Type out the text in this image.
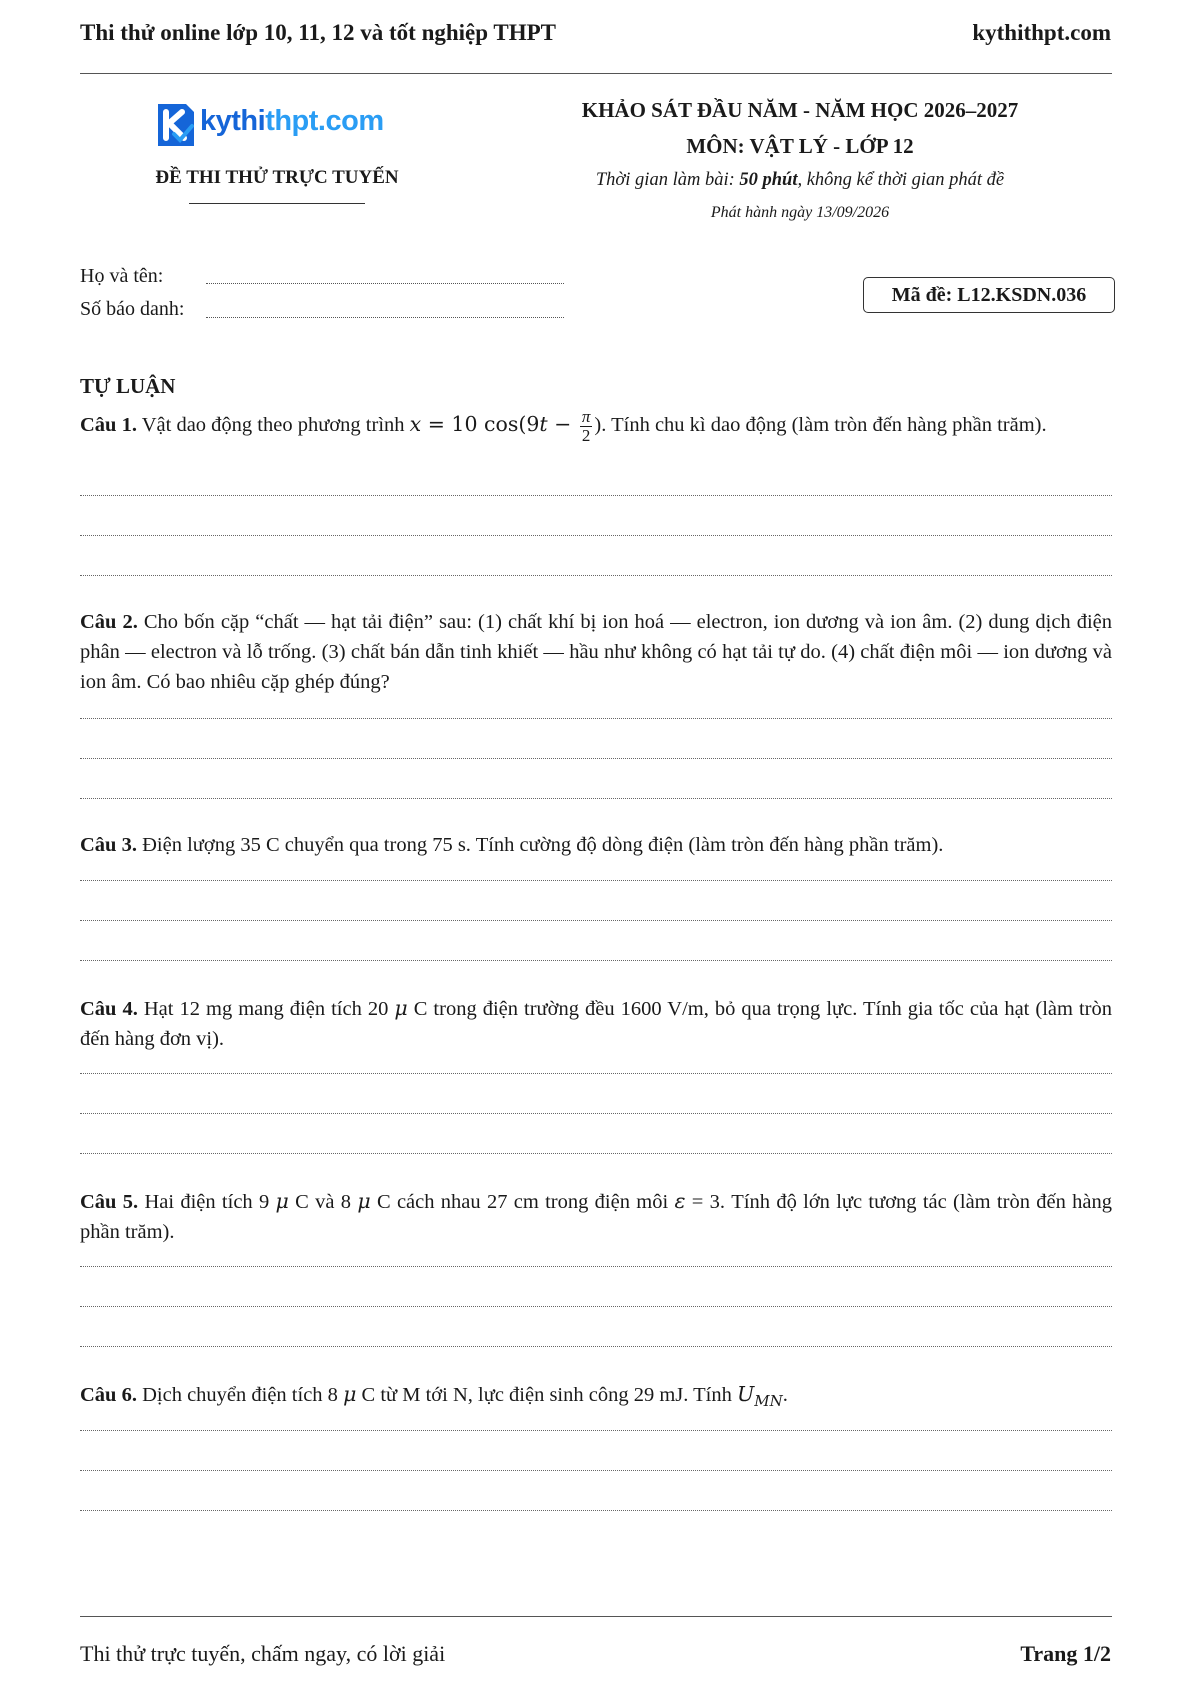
Thi thử online lớp 10, 11, 12 và tốt nghiệp THPT	kythithpt.com
kythithpt.com
ĐỀ THI THỬ TRỰC TUYẾN
KHẢO SÁT ĐẦU NĂM - NĂM HỌC 2026–2027
MÔN: VẬT LÝ - LỚP 12
Thời gian làm bài: 50 phút, không kể thời gian phát đề
Phát hành ngày 13/09/2026
Họ và tên:
Số báo danh:
Mã đề: L12.KSDN.036
TỰ LUẬN
Câu 1. Vật dao động theo phương trình x = 10 $\cos(9t - \frac{\pi}{2}$ ). Tính chu kì dao động (làm tròn đến hàng phần trăm).
Câu 2. Cho bốn cặp “chất — hạt tải điện” sau: (1) chất khí bị ion hoá — electron, ion dương và ion âm. (2) dung dịch điện phân — electron và lỗ trống. (3) chất bán dẫn tinh khiết — hầu như không có hạt tải tự do. (4) chất điện môi — ion dương và ion âm. Có bao nhiêu cặp ghép đúng?
Câu 3. Điện lượng 35 C chuyển qua trong 75 s. Tính cường độ dòng điện (làm tròn đến hàng phần trăm).
Câu 4. Hạt 12 mg mang điện tích 20 μ C trong điện trường đều 1600 V/m, bỏ qua trọng lực. Tính gia tốc của hạt (làm tròn đến hàng đơn vị).
Câu 5. Hai điện tích 9 μ C và 8 μ C cách nhau 27 cm trong điện môi ε = 3. Tính độ lớn lực tương tác (làm tròn đến hàng phần trăm).
Câu 6. Dịch chuyển điện tích 8 μ C từ M tới N, lực điện sinh công 29 mJ. Tính $U_{MN}$.
Thi thử trực tuyến, chấm ngay, có lời giải	Trang 1/2
